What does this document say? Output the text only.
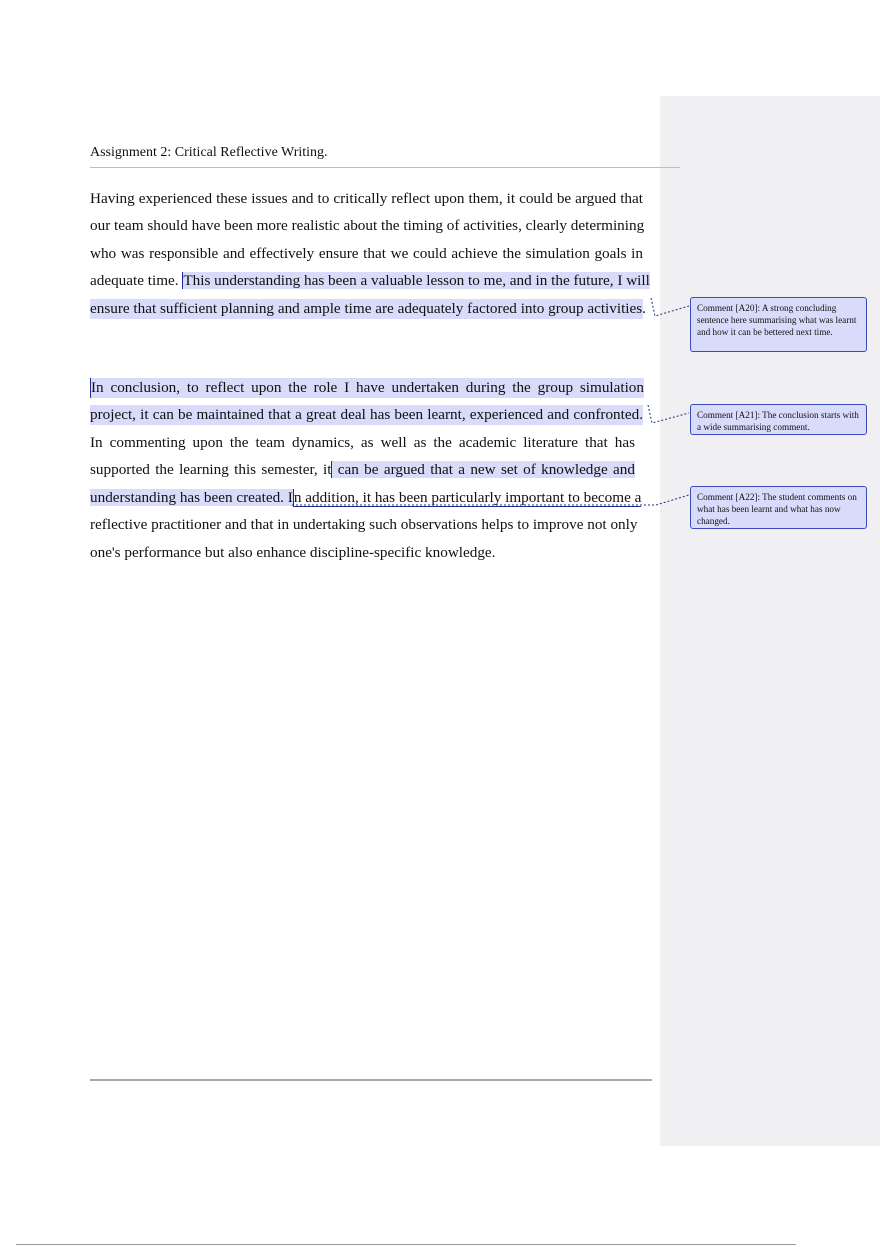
Assignment 2: Critical Reflective Writing.
Having experienced these issues and to critically reflect upon them, it could be argued that
our team should have been more realistic about the timing of activities, clearly determining
who was responsible and effectively ensure that we could achieve the simulation goals in
adequate time. This understanding has been a valuable lesson to me, and in the future, I will
ensure that sufficient planning and ample time are adequately factored into group activities.
In conclusion, to reflect upon the role I have undertaken during the group simulation
project, it can be maintained that a great deal has been learnt, experienced and confronted.
In commenting upon the team dynamics, as well as the academic literature that has
supported the learning this semester, it can be argued that a new set of knowledge and
understanding has been created. In addition, it has been particularly important to become a
reflective practitioner and that in undertaking such observations helps to improve not only
one's performance but also enhance discipline-specific knowledge.
Comment [A20]: A strong concluding sentence here summarising what was learnt and how it can be bettered next time.
Comment [A21]: The conclusion starts with a wide summarising comment.
Comment [A22]: The student comments on what has been learnt and what has now changed.
